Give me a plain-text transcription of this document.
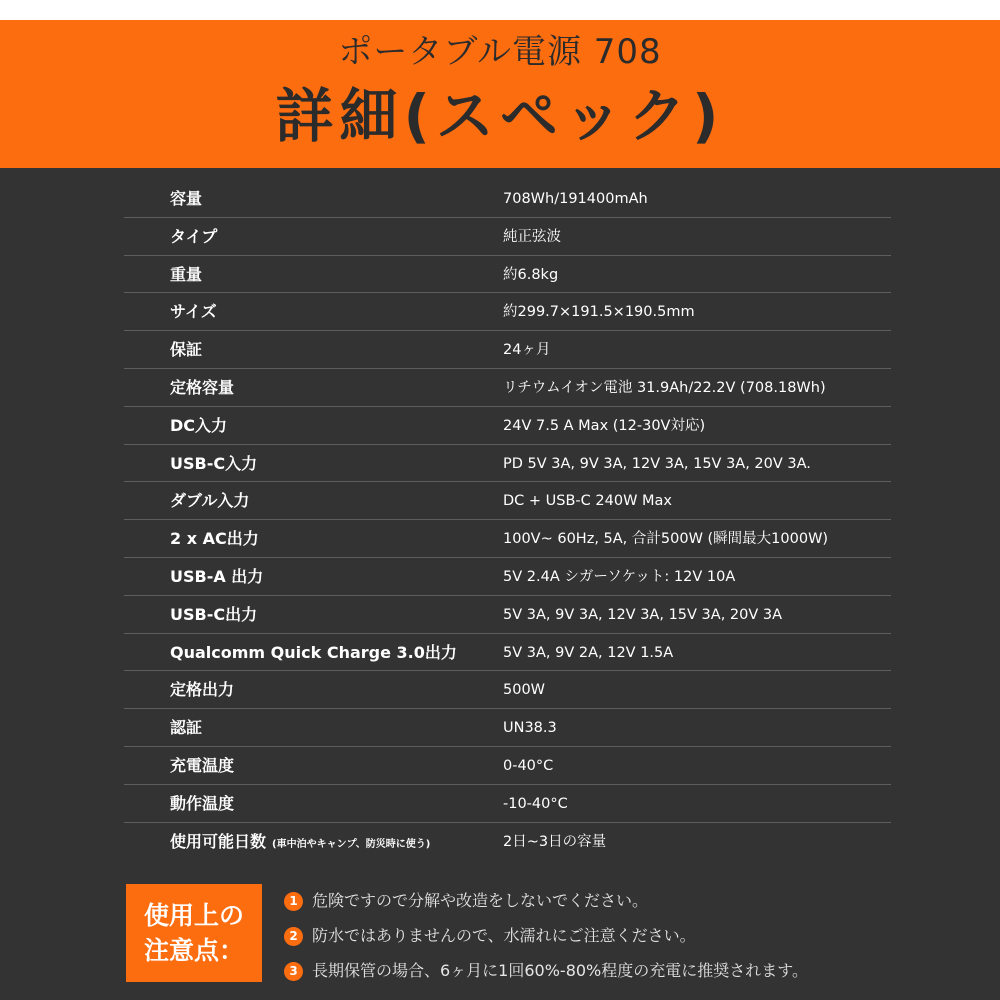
ポータブル電源 708
詳細(スペック)
容量	708Wh/191400mAh
タイプ	純正弦波
重量	約6.8kg
サイズ	約299.7×191.5×190.5mm
保証	24ヶ月
定格容量	リチウムイオン電池 31.9Ah/22.2V (708.18Wh)
DC入力	24V 7.5 A Max (12-30V対応)
USB-C入力	PD 5V 3A, 9V 3A, 12V 3A, 15V 3A, 20V 3A.
ダブル入力	DC + USB-C 240W Max
2 x AC出力	100V~ 60Hz, 5A, 合計500W (瞬間最大1000W)
USB-A 出力	5V 2.4A シガーソケット: 12V 10A
USB-C出力	5V 3A, 9V 3A, 12V 3A, 15V 3A, 20V 3A
Qualcomm Quick Charge 3.0出力	5V 3A, 9V 2A, 12V 1.5A
定格出力	500W
認証	UN38.3
充電温度	0-40°C
動作温度	-10-40°C
使用可能日数 (車中泊やキャンプ、防災時に使う)	2日~3日の容量
使用上の
注意点：
1 危険ですので分解や改造をしないでください。
2 防水ではありませんので、水濡れにご注意ください。
3 長期保管の場合、6ヶ月に1回60%-80%程度の充電に推奨されます。
